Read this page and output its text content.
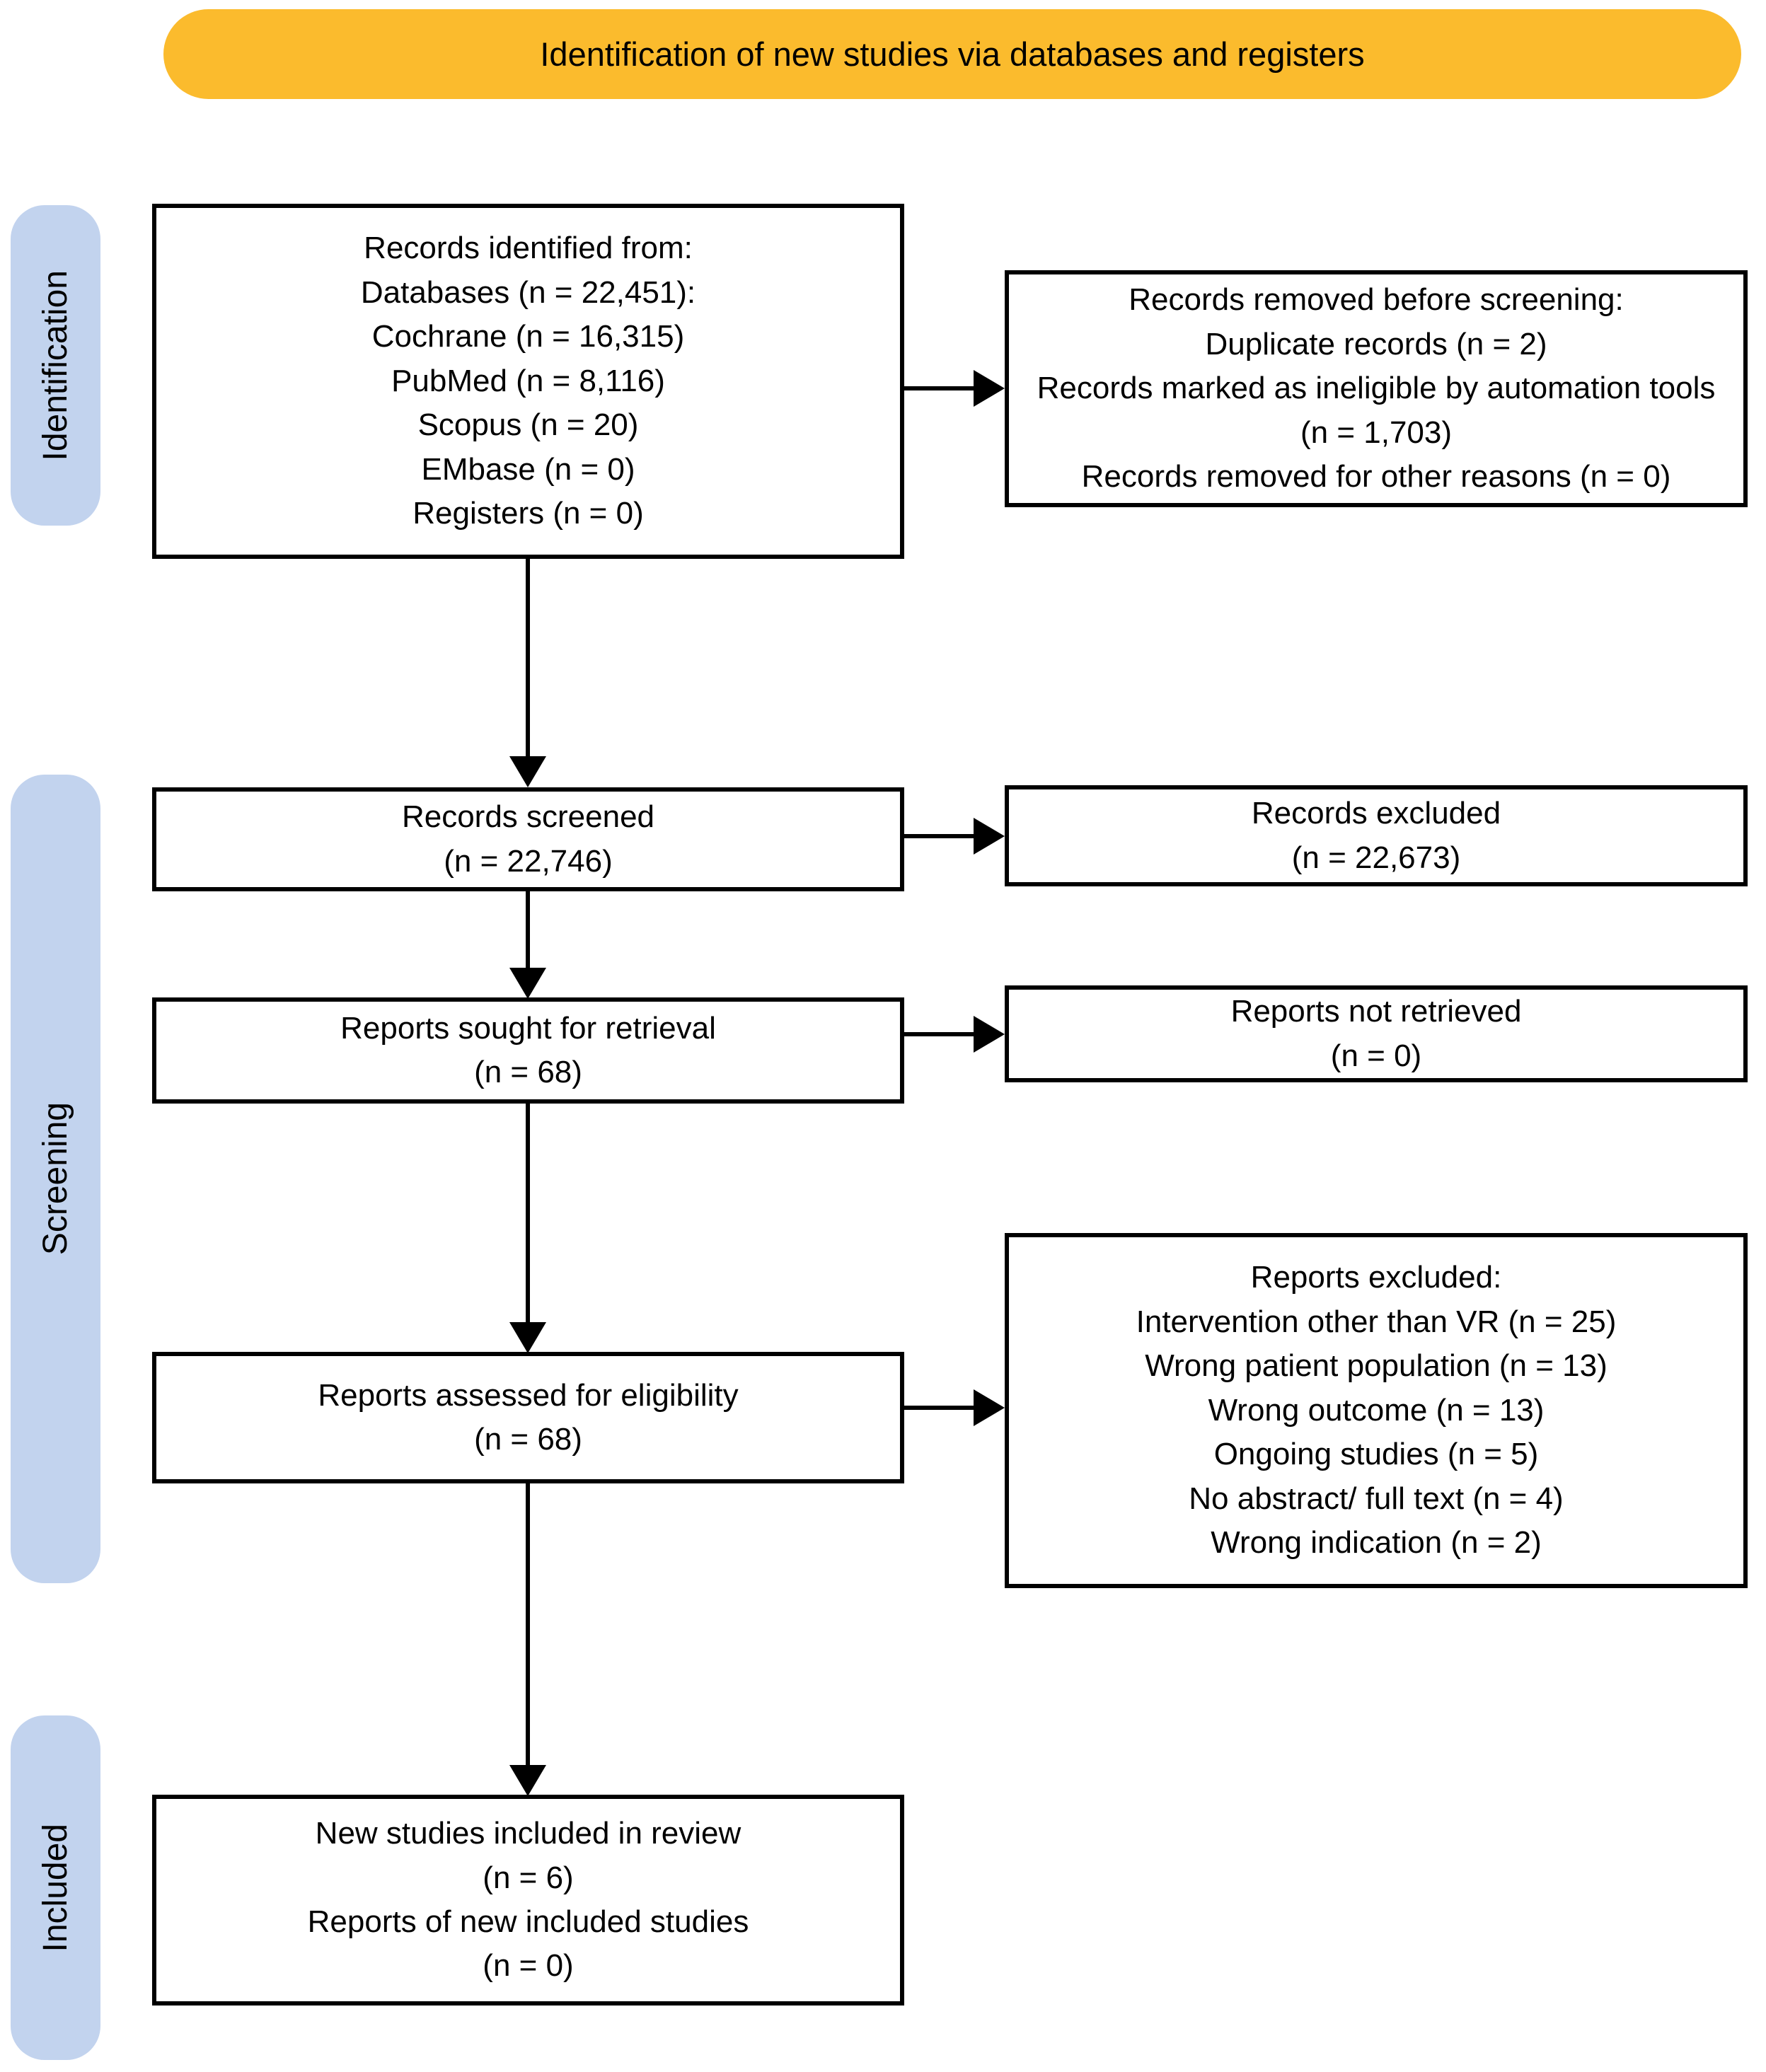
Identification of new studies via databases and registers
Identification
Screening
Included
Records identified from:
Databases (n = 22,451):
Cochrane (n = 16,315)
PubMed (n = 8,116)
Scopus (n = 20)
EMbase (n = 0)
Registers (n = 0)
Records removed before screening:
Duplicate records (n = 2)
Records marked as ineligible by automation tools (n = 1,703)
Records removed for other reasons (n = 0)
Records screened
(n = 22,746)
Records excluded
(n = 22,673)
Reports sought for retrieval
(n = 68)
Reports not retrieved
(n = 0)
Reports assessed for eligibility
(n = 68)
Reports excluded:
Intervention other than VR (n = 25)
Wrong patient population (n = 13)
Wrong outcome (n = 13)
Ongoing studies (n = 5)
No abstract/ full text (n = 4)
Wrong indication (n = 2)
New studies included in review
(n = 6)
Reports of new included studies
(n = 0)
